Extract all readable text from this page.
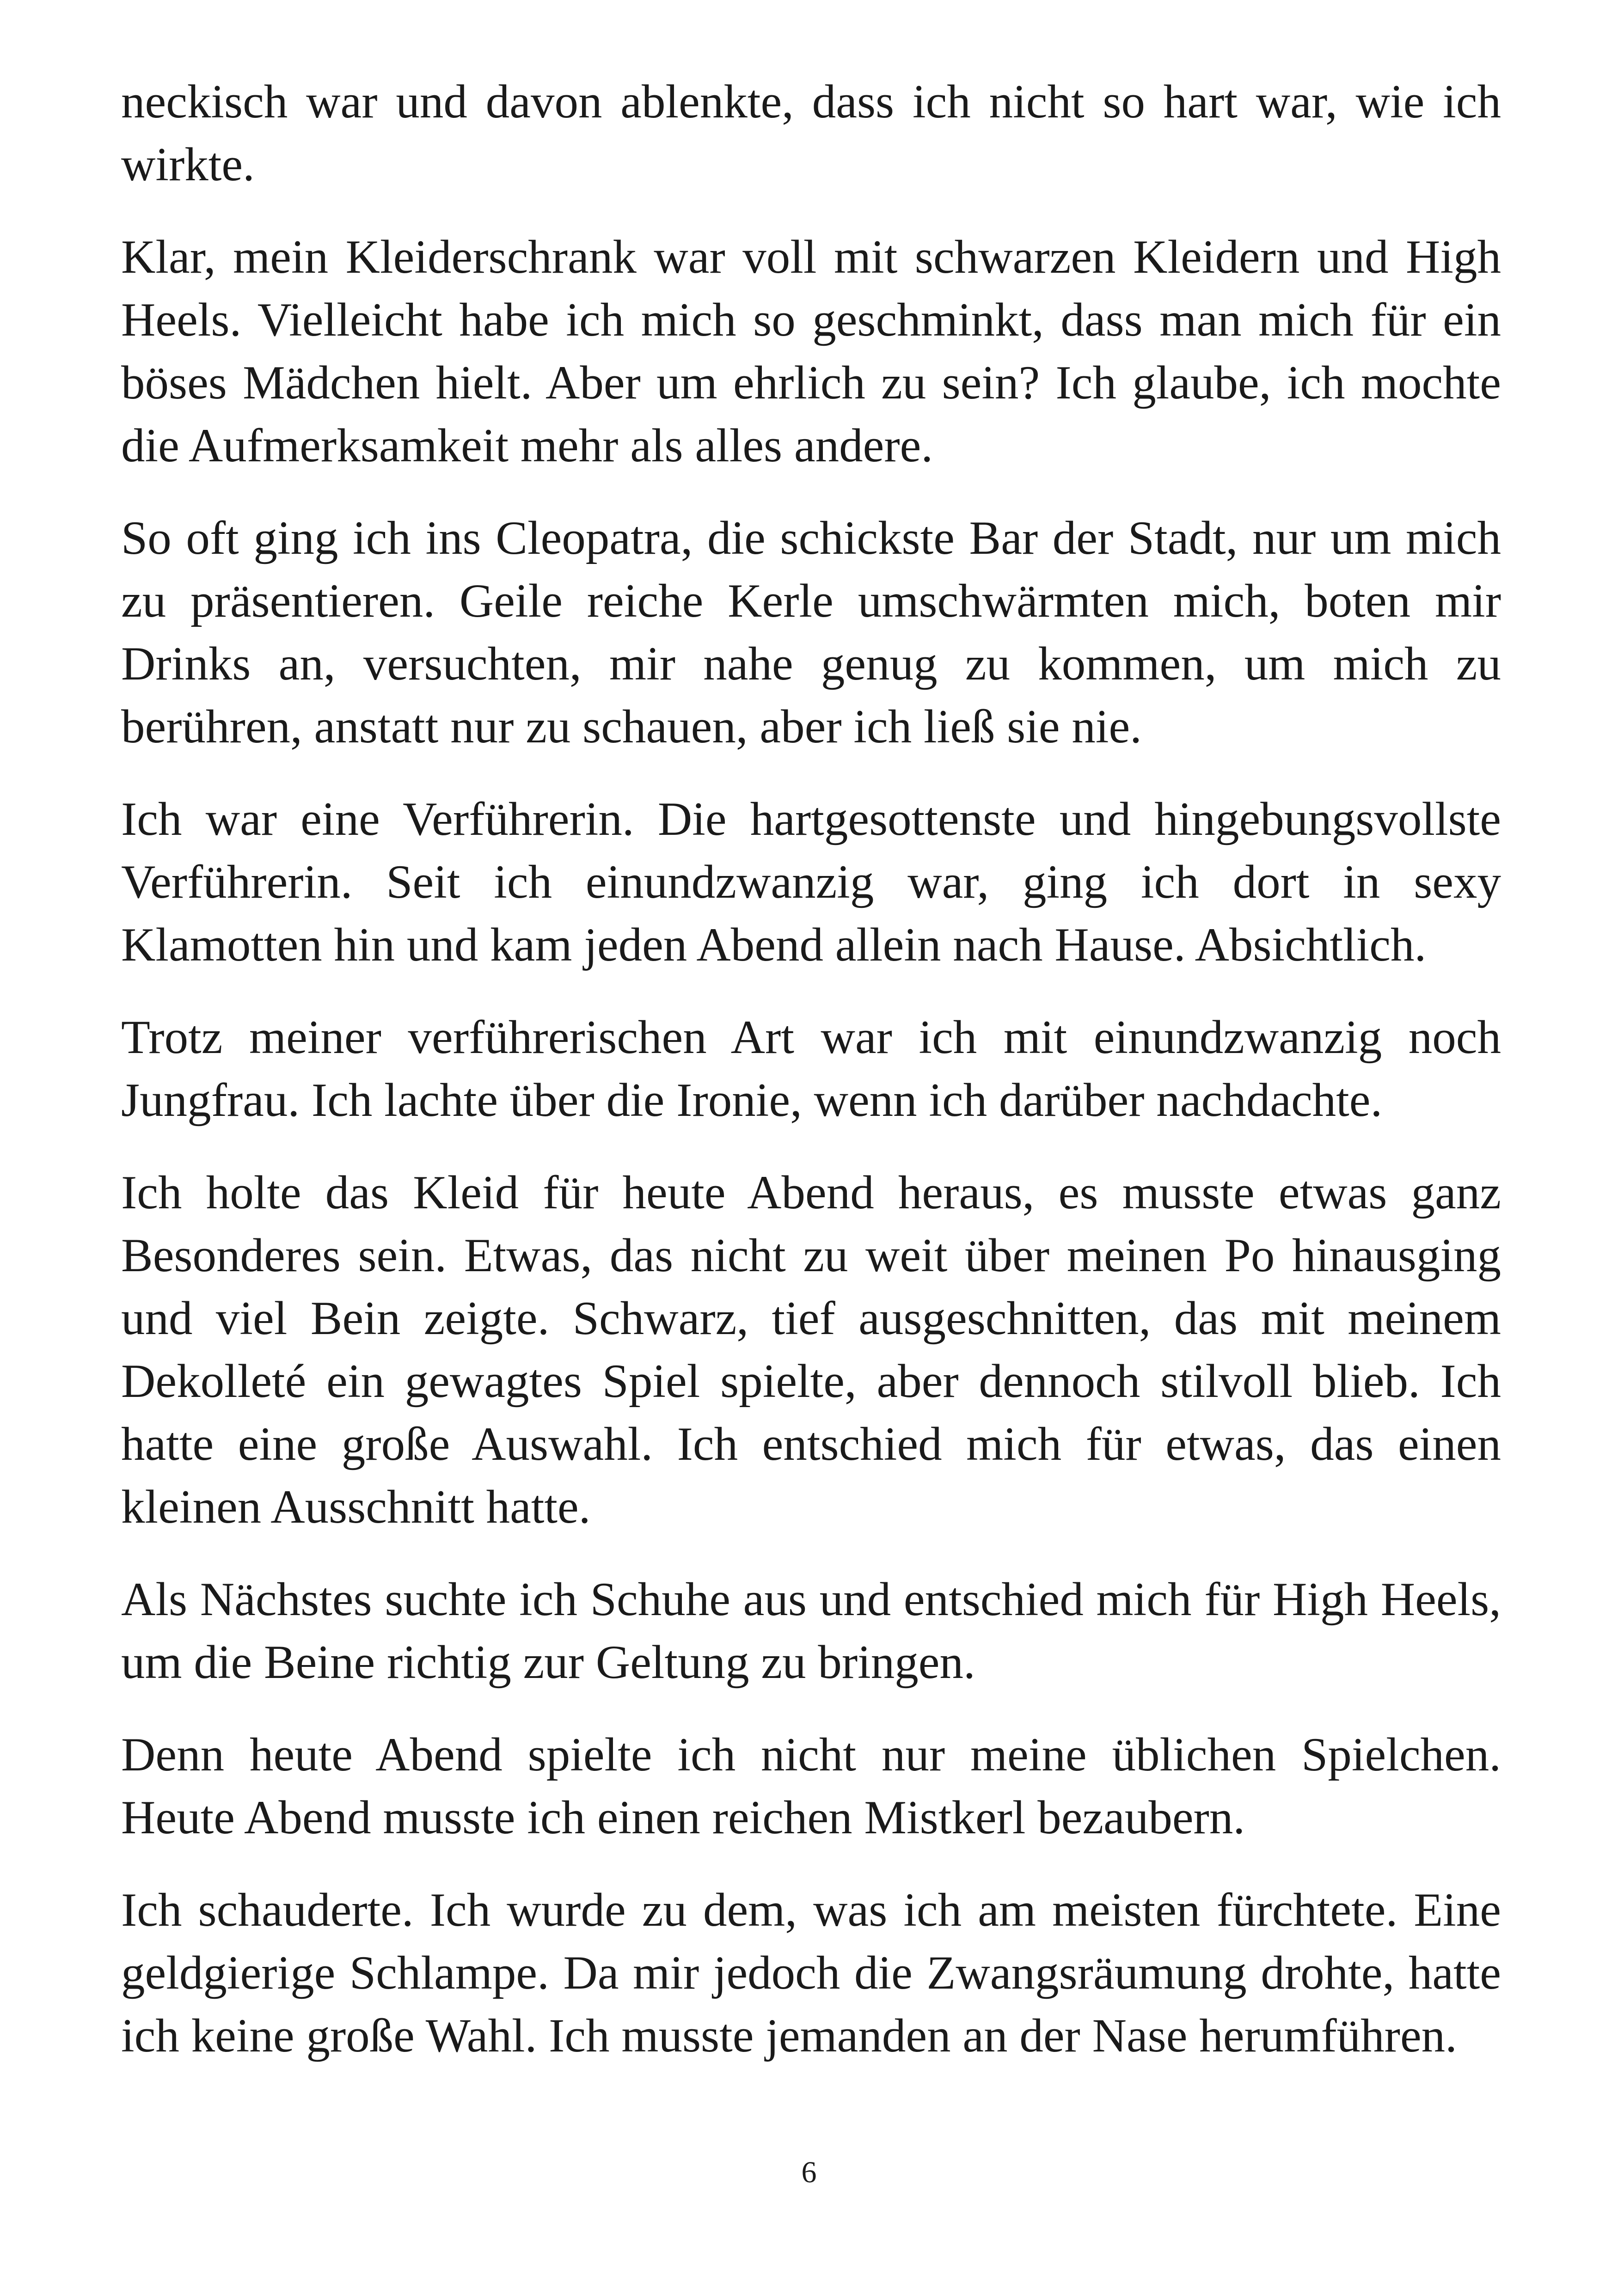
neckisch war und davon ablenkte, dass ich nicht so hart war, wie ich wirkte.

Klar, mein Kleiderschrank war voll mit schwarzen Kleidern und High Heels. Vielleicht habe ich mich so geschminkt, dass man mich für ein böses Mädchen hielt. Aber um ehrlich zu sein? Ich glaube, ich mochte die Aufmerksamkeit mehr als alles andere.

So oft ging ich ins Cleopatra, die schickste Bar der Stadt, nur um mich zu präsentieren. Geile reiche Kerle umschwärmten mich, boten mir Drinks an, versuchten, mir nahe genug zu kommen, um mich zu berühren, anstatt nur zu schauen, aber ich ließ sie nie.

Ich war eine Verführerin. Die hartgesottenste und hingebungsvollste Verführerin. Seit ich einundzwanzig war, ging ich dort in sexy Klamotten hin und kam jeden Abend allein nach Hause. Absichtlich.

Trotz meiner verführerischen Art war ich mit einundzwanzig noch Jungfrau. Ich lachte über die Ironie, wenn ich darüber nachdachte.

Ich holte das Kleid für heute Abend heraus, es musste etwas ganz Besonderes sein. Etwas, das nicht zu weit über meinen Po hinausging und viel Bein zeigte. Schwarz, tief ausgeschnitten, das mit meinem Dekolleté ein gewagtes Spiel spielte, aber dennoch stilvoll blieb. Ich hatte eine große Auswahl. Ich entschied mich für etwas, das einen kleinen Ausschnitt hatte.

Als Nächstes suchte ich Schuhe aus und entschied mich für High Heels, um die Beine richtig zur Geltung zu bringen.

Denn heute Abend spielte ich nicht nur meine üblichen Spielchen. Heute Abend musste ich einen reichen Mistkerl bezaubern.

Ich schauderte. Ich wurde zu dem, was ich am meisten fürchtete. Eine geldgierige Schlampe. Da mir jedoch die Zwangsräumung drohte, hatte ich keine große Wahl. Ich musste jemanden an der Nase herumführen.

6
